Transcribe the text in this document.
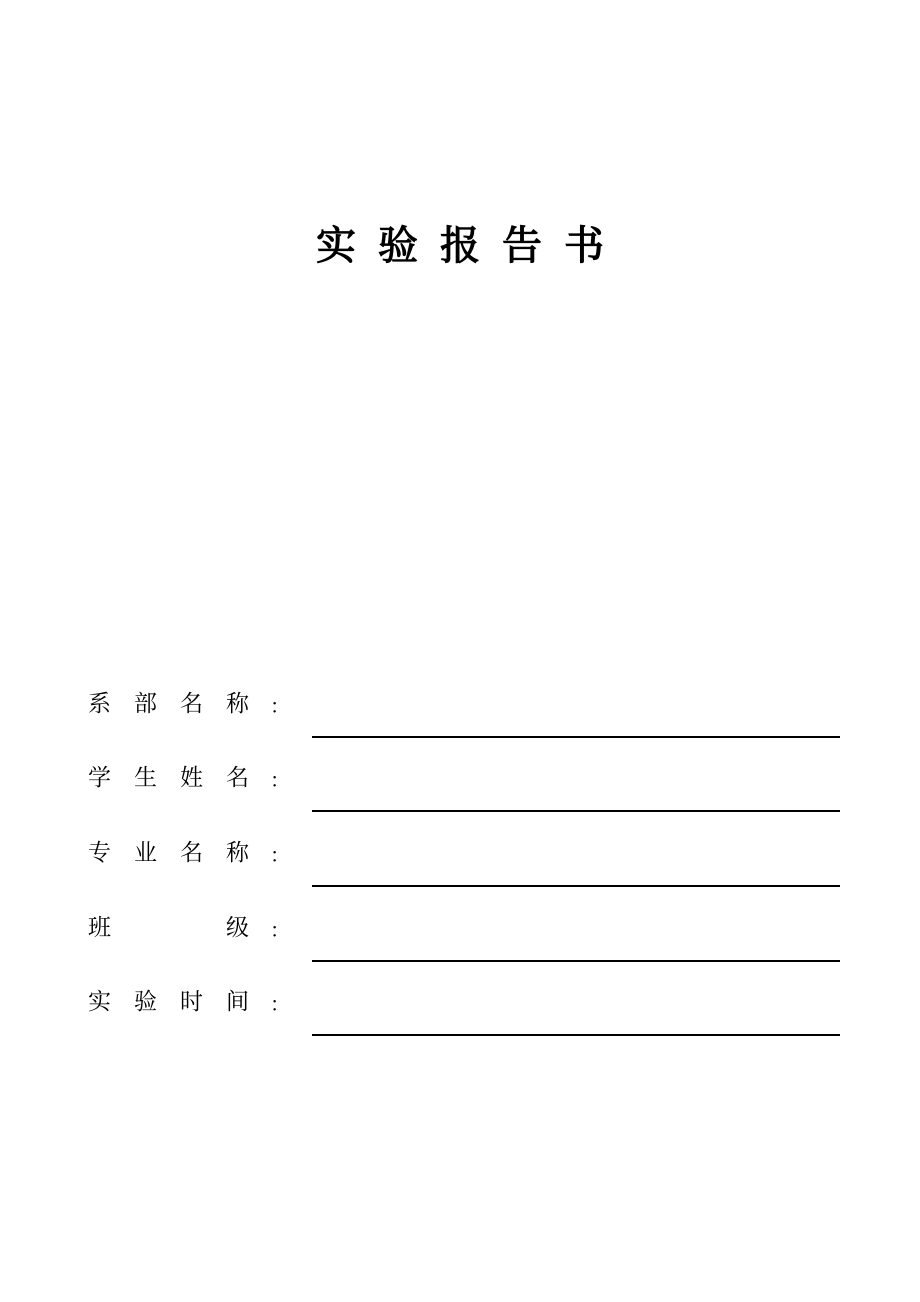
实验报告书
系	部	名	称	：
学	生	姓	名	：
专	业	名	称	：
班	级	：
实	验	时	间	：
